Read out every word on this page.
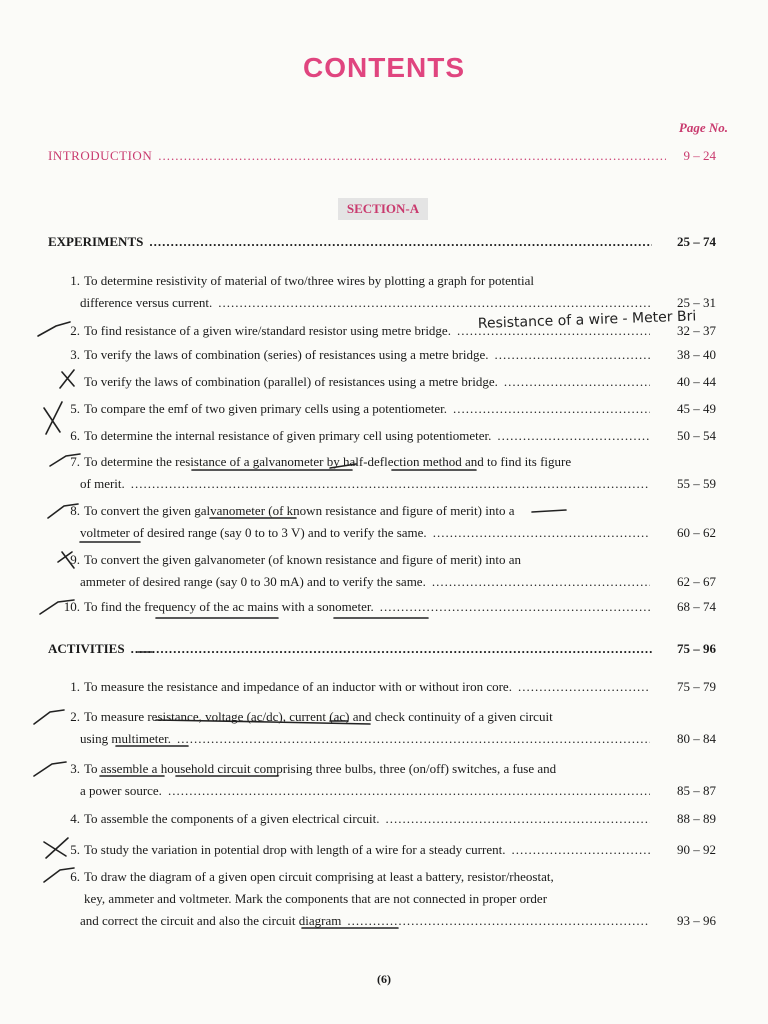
CONTENTS
Page No.
INTRODUCTION .....	9 – 24
SECTION-A
EXPERIMENTS .....	25 – 74
1. To determine resistivity of material of two/three wires by plotting a graph for potential
difference versus current. .....	25 – 31
2. To find resistance of a given wire/standard resistor using metre bridge. .....	32 – 37
3. To verify the laws of combination (series) of resistances using a metre bridge. .....	38 – 40
To verify the laws of combination (parallel) of resistances using a metre bridge. .....	40 – 44
5. To compare the emf of two given primary cells using a potentiometer. .....	45 – 49
6. To determine the internal resistance of given primary cell using potentiometer. .....	50 – 54
7. To determine the resistance of a galvanometer by half-deflection method and to find its figure
of merit. .....	55 – 59
8. To convert the given galvanometer (of known resistance and figure of merit) into a
voltmeter of desired range (say 0 to to 3 V) and to verify the same. .....	60 – 62
9. To convert the given galvanometer (of known resistance and figure of merit) into an
ammeter of desired range (say 0 to 30 mA) and to verify the same. .....	62 – 67
10. To find the frequency of the ac mains with a sonometer. .....	68 – 74
ACTIVITIES .....	75 – 96
1. To measure the resistance and impedance of an inductor with or without iron core. .....	75 – 79
2. To measure resistance, voltage (ac/dc), current (ac) and check continuity of a given circuit
using multimeter. .....	80 – 84
3. To assemble a household circuit comprising three bulbs, three (on/off) switches, a fuse and
a power source. .....	85 – 87
4. To assemble the components of a given electrical circuit. .....	88 – 89
5. To study the variation in potential drop with length of a wire for a steady current. .....	90 – 92
6. To draw the diagram of a given open circuit comprising at least a battery, resistor/rheostat,
key, ammeter and voltmeter. Mark the components that are not connected in proper order
and correct the circuit and also the circuit diagram .....	93 – 96
(6)
Resistance of a wire - Meter Bri
